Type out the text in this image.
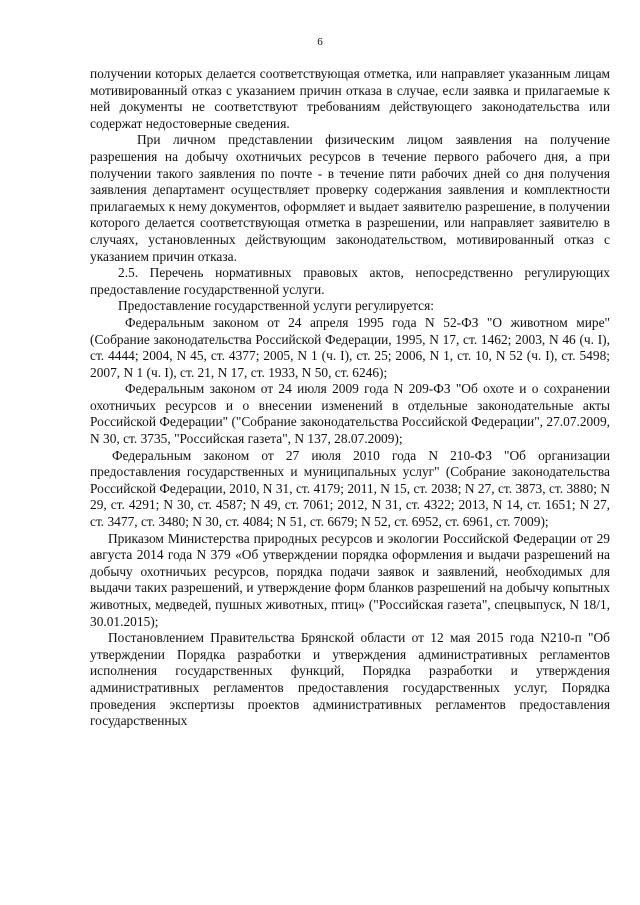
6

получении которых делается соответствующая отметка, или направляет указанным лицам мотивированный отказ с указанием причин отказа в случае, если заявка и прилагаемые к ней документы не соответствуют требованиям действующего законодательства или содержат недостоверные сведения.

При личном представлении физическим лицом заявления на получение разрешения на добычу охотничьих ресурсов в течение первого рабочего дня, а при получении такого заявления по почте - в течение пяти рабочих дней со дня получения заявления департамент осуществляет проверку содержания заявления и комплектности прилагаемых к нему документов, оформляет и выдает заявителю разрешение, в получении которого делается соответствующая отметка в разрешении, или направляет заявителю в случаях, установленных действующим законодательством, мотивированный отказ с указанием причин отказа.

2.5. Перечень нормативных правовых актов, непосредственно регулирующих предоставление государственной услуги.

Предоставление государственной услуги регулируется:

Федеральным законом от 24 апреля 1995 года N 52-ФЗ "О животном мире" (Собрание законодательства Российской Федерации, 1995, N 17, ст. 1462; 2003, N 46 (ч. I), ст. 4444; 2004, N 45, ст. 4377; 2005, N 1 (ч. I), ст. 25; 2006, N 1, ст. 10, N 52 (ч. I), ст. 5498; 2007, N 1 (ч. I), ст. 21, N 17, ст. 1933, N 50, ст. 6246);

Федеральным законом от 24 июля 2009 года N 209-ФЗ "Об охоте и о сохранении охотничьих ресурсов и о внесении изменений в отдельные законодательные акты Российской Федерации" ("Собрание законодательства Российской Федерации", 27.07.2009, N 30, ст. 3735, "Российская газета", N 137, 28.07.2009);

Федеральным законом от 27 июля 2010 года N 210-ФЗ "Об организации предоставления государственных и муниципальных услуг" (Собрание законодательства Российской Федерации, 2010, N 31, ст. 4179; 2011, N 15, ст. 2038; N 27, ст. 3873, ст. 3880; N 29, ст. 4291; N 30, ст. 4587; N 49, ст. 7061; 2012, N 31, ст. 4322; 2013, N 14, ст. 1651; N 27, ст. 3477, ст. 3480; N 30, ст. 4084; N 51, ст. 6679; N 52, ст. 6952, ст. 6961, ст. 7009);

Приказом Министерства природных ресурсов и экологии Российской Федерации от 29 августа 2014 года N 379 «Об утверждении порядка оформления и выдачи разрешений на добычу охотничьих ресурсов, порядка подачи заявок и заявлений, необходимых для выдачи таких разрешений, и утверждение форм бланков разрешений на добычу копытных животных, медведей, пушных животных, птиц» ("Российская газета", спецвыпуск, N 18/1, 30.01.2015);

Постановлением Правительства Брянской области от 12 мая 2015 года N210-п "Об утверждении Порядка разработки и утверждения административных регламентов исполнения государственных функций, Порядка разработки и утверждения административных регламентов предоставления государственных услуг, Порядка проведения экспертизы проектов административных регламентов предоставления государственных
